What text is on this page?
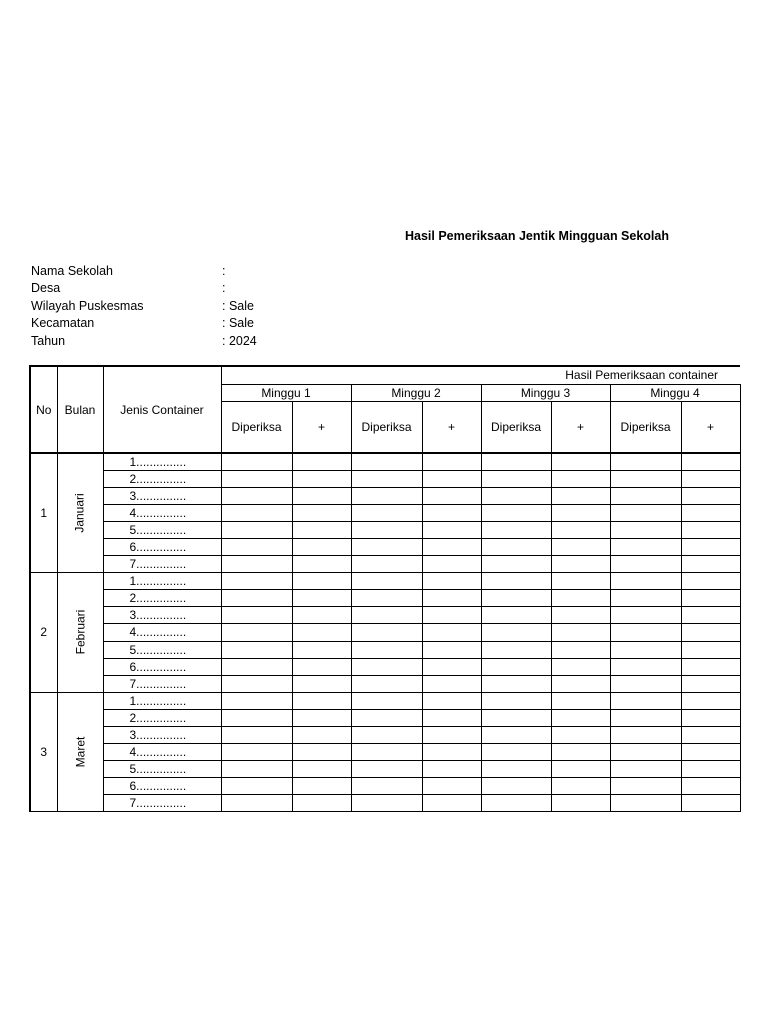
Hasil Pemeriksaan Jentik Mingguan Sekolah
Nama Sekolah	:
Desa	:
Wilayah Puskesmas	: Sale
Kecamatan	: Sale
Tahun	: 2024
No	Bulan	Jenis Container	Hasil Pemeriksaan container							
			Minggu 1		Minggu 2		Minggu 3		Minggu 4	
			Diperiksa	+	Diperiksa	+	Diperiksa	+	Diperiksa	+
1	Januari	1...............								
		2...............								
		3...............								
		4...............								
		5...............								
		6...............								
		7...............								
2	Februari	1...............								
		2...............								
		3...............								
		4...............								
		5...............								
		6...............								
		7...............								
3	Maret	1...............								
		2...............								
		3...............								
		4...............								
		5...............								
		6...............								
		7...............								
